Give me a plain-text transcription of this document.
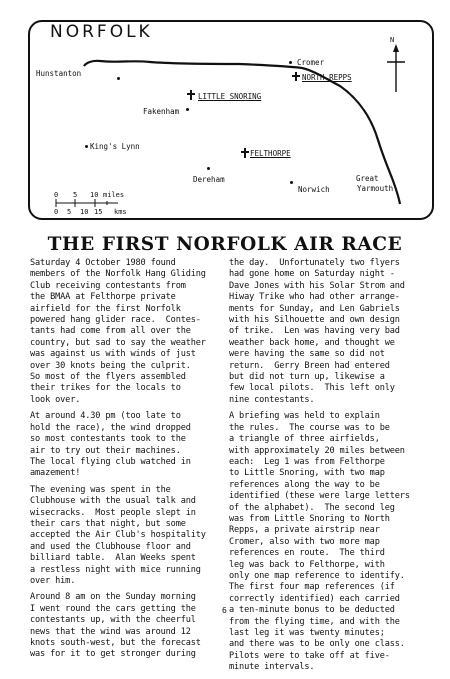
NORFOLK
Hunstanton
Cromer
NORTH REPPS
Fakenham
LITTLE SNORING
King's Lynn
FELTHORPE
Dereham
Norwich
Great
Yarmouth
N
0 5 10 miles
0 5 10 15 kms
THE FIRST NORFOLK AIR RACE

Saturday 4 October 1980 found
members of the Norfolk Hang Gliding
Club receiving contestants from
the BMAA at Felthorpe private
airfield for the first Norfolk
powered hang glider race.  Contes-
tants had come from all over the
country, but sad to say the weather
was against us with winds of just
over 30 knots being the culprit.
So most of the flyers assembled
their trikes for the locals to
look over.

At around 4.30 pm (too late to
hold the race), the wind dropped
so most contestants took to the
air to try out their machines.
The local flying club watched in
amazement!

The evening was spent in the
Clubhouse with the usual talk and
wisecracks.  Most people slept in
their cars that night, but some
accepted the Air Club's hospitality
and used the Clubhouse floor and
billiard table.  Alan Weeks spent
a restless night with mice running
over him.

Around 8 am on the Sunday morning
I went round the cars getting the
contestants up, with the cheerful
news that the wind was around 12
knots south-west, but the forecast
was for it to get stronger during

the day.  Unfortunately two flyers
had gone home on Saturday night -
Dave Jones with his Solar Strom and
Hiway Trike who had other arrange-
ments for Sunday, and Len Gabriels
with his Silhouette and own design
of trike.  Len was having very bad
weather back home, and thought we
were having the same so did not
return.  Gerry Breen had entered
but did not turn up, likewise a
few local pilots.  This left only
nine contestants.

A briefing was held to explain
the rules.  The course was to be
a triangle of three airfields,
with approximately 20 miles between
each:  Leg 1 was from Felthorpe
to Little Snoring, with two map
references along the way to be
identified (these were large letters
of the alphabet).  The second leg
was from Little Snoring to North
Repps, a private airstrip near
Cromer, also with two more map
references en route.  The third
leg was back to Felthorpe, with
only one map reference to identify.
The first four map references (if
correctly identified) each carried
a ten-minute bonus to be deducted
from the flying time, and with the
last leg it was twenty minutes;
and there was to be only one class.
Pilots were to take off at five-
minute intervals.

6
